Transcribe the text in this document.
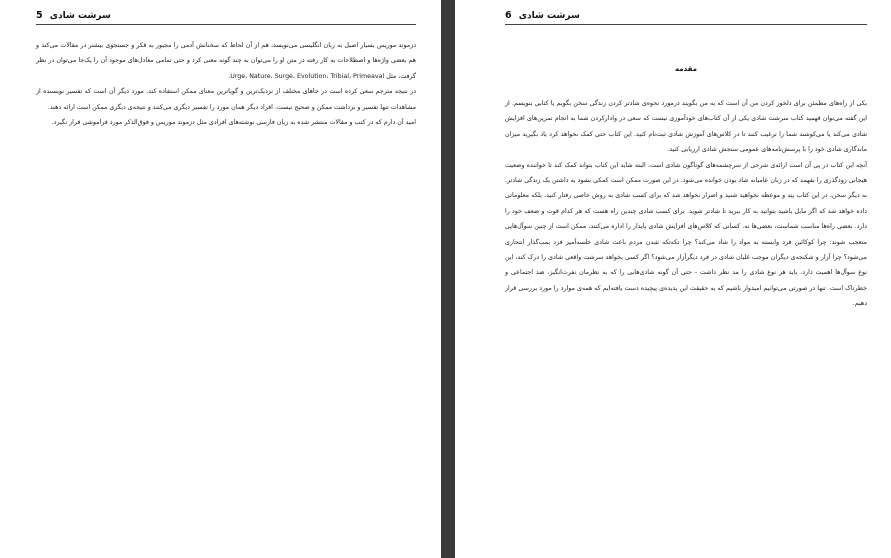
سرشت شادی 5

دزموند موریس بسیار اصیل به زبان انگلیسی می‌نویسد، هم از آن لحاظ که سخنانش آدمی را مجبور به فکر و جستجوی بیشتر در مقالات می‌کند و هم بعضی واژه‌ها و اصطلاحات به کار رفته در متن او را می‌توان به چند گونه معنی کرد و حتی تمامی معادل‌های موجود آن را یک‌جا می‌توان در نظر گرفت، مثل Urge، Nature، Surge، Evolution، Tribial، Primeaval.

در نتیجه مترجم سعی کرده است در جاهای مختلف از نزدیک‌ترین و گویاترین معنای ممکن استفاده کند. مورد دیگر آن است که تفسیر نویسنده از مشاهدات تنها تفسیر و برداشت ممکن و صحیح نیست. افراد دیگر همان مورد را تفسیر دیگری می‌کنند و نتیجه‌ی دیگری ممکن است ارائه دهند.

امید آن دارم که در کتب و مقالات منتشر شده به زبان فارسی نوشته‌های افرادی مثل دزموند موریس و فوق‌الذکر مورد فراموشی قرار نگیرد.

سرشت شادی 6
مقدمه

یکی از راه‌های مطمئن برای دلخور کردن من آن است که به من بگویند درمورد نحوه‌ی شادتر کردن زندگی سخن بگویم یا کتابی بنویسم. از این گفته می‌توان فهمید کتاب سرشت شادی یکی از آن کتاب‌های خودآموزی نیست که سعی در وادارکردن شما به انجام تمرین‌های افزایش شادی می‌کند یا می‌کوشند شما را ترغیب کنند تا در کلاس‌های آموزش شادی ثبت‌نام کنید. این کتاب حتی کمک نخواهد کرد یاد بگیرید میزان ماندگاری شادی خود را با پرسش‌نامه‌های عمومی سنجش شادی ارزیابی کنید.

آنچه این کتاب در پی آن است ارائه‌ی شرحی از سرچشمه‌های گوناگون شادی است. البته شاید این کتاب بتواند کمک کند تا خواننده وضعیت هیجانی زودگذری را بفهمد که در زبان عامیانه شاد بودن خوانده می‌شود. در این صورت ممکن است کمکی بشود به داشتن یک زندگی شادتر. به دیگر سخن، در این کتاب پند و موعظه نخواهید شنید و اصرار نخواهد شد که برای کسب شادی به روش خاصی رفتار کنید، بلکه معلوماتی داده خواهد شد که اگر مایل باشید بتوانید به کار ببرید تا شادتر شوید. برای کسب شادی چندین راه هست که هر کدام قوت و ضعف خود را دارد. بعضی راه‌ها مناسب شماست، بعضی‌ها نه. کسانی که کلاس‌های افزایش شادی پایدار را اداره می‌کنند، ممکن است از چنین سوآل‌هایی متعجب شوند: چرا کوکائین فرد وابسته به مواد را شاد می‌کند؟ چرا تکه‌تکه شدن مردم باعث شادی خلسه‌آمیز فرد بمب‌گذار انتحاری می‌شود؟ چرا آزار و شکنجه‌ی دیگران موجب غلیان شادی در فرد دیگرآزار می‌شود؟ اگر کسی بخواهد سرشت واقعی شادی را درک کند، این نوع سوآل‌ها اهمیت دارد. باید هر نوع شادی را مد نظر داشت - حتی آن گونه شادی‌هایی را که به نظرمان نفرت‌انگیز، ضد اجتماعی و خطرناک است. تنها در صورتی می‌توانیم امیدوار باشیم که به حقیقت این پدیده‌ی پیچیده دست یافته‌ایم که همه‌ی موارد را مورد بررسی قرار دهیم.
